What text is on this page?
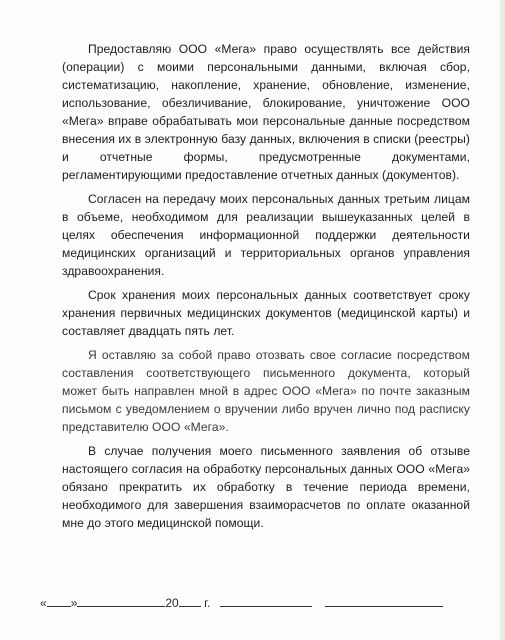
Предоставляю ООО «Мега» право осуществлять все действия (операции) с моими персональными данными, включая сбор, систематизацию, накопление, хранение, обновление, изменение, использование, обезличивание, блокирование, уничтожение ООО «Мега» вправе обрабатывать мои персональные данные посредством внесения их в электронную базу данных, включения в списки (реестры) и отчетные формы, предусмотренные документами, регламентирующими предоставление отчетных данных (документов).

Согласен на передачу моих персональных данных третьим лицам в объеме, необходимом для реализации вышеуказанных целей в целях обеспечения информационной поддержки деятельности медицинских организаций и территориальных органов управления здравоохранения.

Срок хранения моих персональных данных соответствует сроку хранения первичных медицинских документов (медицинской карты) и составляет двадцать пять лет.

Я оставляю за собой право отозвать свое согласие посредством составления соответствующего письменного документа, который может быть направлен мной в адрес ООО «Мега» по почте заказным письмом с уведомлением о вручении либо вручен лично под расписку представителю ООО «Мега».

В случае получения моего письменного заявления об отзыве настоящего согласия на обработку персональных данных ООО «Мега» обязано прекратить их обработку в течение периода времени, необходимого для завершения взаиморасчетов по оплате оказанной мне до этого медицинской помощи.

« »	20 г.
